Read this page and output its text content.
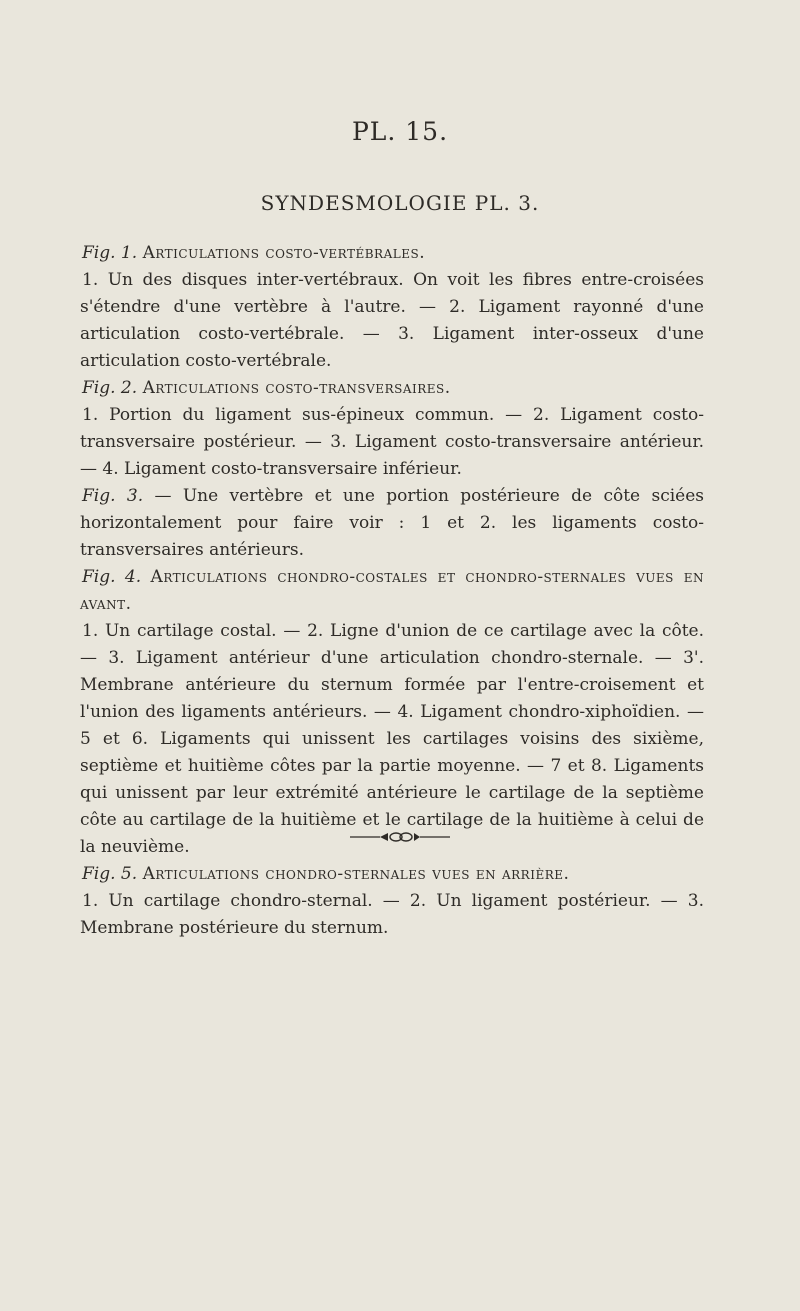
PL. 15.
SYNDESMOLOGIE PL. 3.

Fig. 1. Articulations costo-vertébrales.

1. Un des disques inter-vertébraux. On voit les fibres entre-croisées s'étendre d'une vertèbre à l'autre. — 2. Ligament rayonné d'une articulation costo-vertébrale. — 3. Ligament inter-osseux d'une articulation costo-vertébrale.

Fig. 2. Articulations costo-transversaires.

1. Portion du ligament sus-épineux commun. — 2. Ligament costo-transversaire postérieur. — 3. Ligament costo-transversaire antérieur. — 4. Ligament costo-transversaire inférieur.

Fig. 3. — Une vertèbre et une portion postérieure de côte sciées horizontalement pour faire voir : 1 et 2. les ligaments costo-transversaires antérieurs.

Fig. 4. Articulations chondro-costales et chondro-sternales vues en avant.

1. Un cartilage costal. — 2. Ligne d'union de ce cartilage avec la côte. — 3. Ligament antérieur d'une articulation chondro-sternale. — 3'. Membrane antérieure du sternum formée par l'entre-croisement et l'union des ligaments antérieurs. — 4. Ligament chondro-xiphoïdien. — 5 et 6. Ligaments qui unissent les cartilages voisins des sixième, septième et huitième côtes par la partie moyenne. — 7 et 8. Ligaments qui unissent par leur extrémité antérieure le cartilage de la septième côte au cartilage de la huitième et le cartilage de la huitième à celui de la neuvième.

Fig. 5. Articulations chondro-sternales vues en arrière.

1. Un cartilage chondro-sternal. — 2. Un ligament postérieur. — 3. Membrane postérieure du sternum.
